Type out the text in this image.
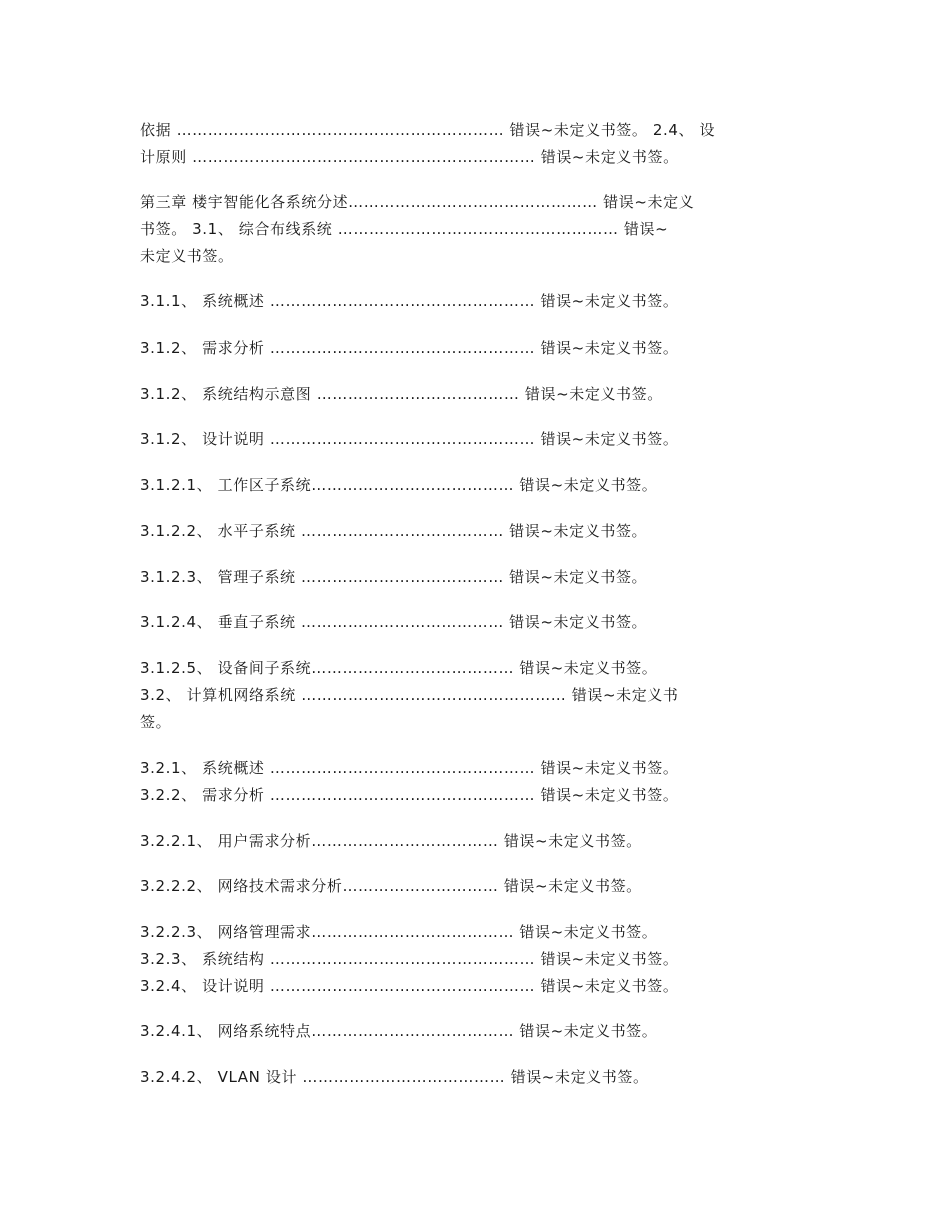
依据 ……………………………………………………… 错误~未定义书签。 2.4、 设
计原则 ………………………………………………………… 错误~未定义书签。
第三章 楼宇智能化各系统分述………………………………………… 错误~未定义
书签。 3.1、 综合布线系统 ……………………………………………… 错误~
未定义书签。
3.1.1、 系统概述 …………………………………………… 错误~未定义书签。
3.1.2、 需求分析 …………………………………………… 错误~未定义书签。
3.1.2、 系统结构示意图 ………………………………… 错误~未定义书签。
3.1.2、 设计说明 …………………………………………… 错误~未定义书签。
3.1.2.1、 工作区子系统………………………………… 错误~未定义书签。
3.1.2.2、 水平子系统 ………………………………… 错误~未定义书签。
3.1.2.3、 管理子系统 ………………………………… 错误~未定义书签。
3.1.2.4、 垂直子系统 ………………………………… 错误~未定义书签。
3.1.2.5、 设备间子系统………………………………… 错误~未定义书签。
3.2、 计算机网络系统 …………………………………………… 错误~未定义书
签。
3.2.1、 系统概述 …………………………………………… 错误~未定义书签。
3.2.2、 需求分析 …………………………………………… 错误~未定义书签。
3.2.2.1、 用户需求分析……………………………… 错误~未定义书签。
3.2.2.2、 网络技术需求分析………………………… 错误~未定义书签。
3.2.2.3、 网络管理需求………………………………… 错误~未定义书签。
3.2.3、 系统结构 …………………………………………… 错误~未定义书签。
3.2.4、 设计说明 …………………………………………… 错误~未定义书签。
3.2.4.1、 网络系统特点………………………………… 错误~未定义书签。
3.2.4.2、 VLAN 设计 ………………………………… 错误~未定义书签。
